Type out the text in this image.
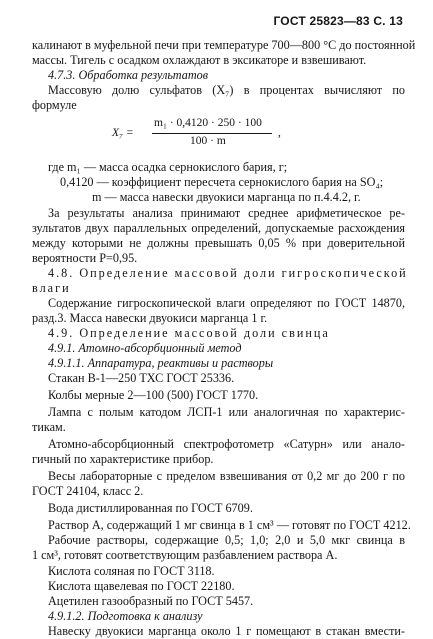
ГОСТ 25823—83 С. 13
калинают в муфельной печи при температуре 700—800 °С до постоянной
массы. Тигель с осадком охлаждают в эксикаторе и взвешивают.
4.7.3. Обработка результатов
Массовую долю сульфатов (X₇) в процентах вычисляют по
формуле
X₇ =
m₁ · 0,4120 · 250 · 100
100 · m
,
где m₁ — масса осадка сернокислого бария, г;
0,4120 — коэффициент пересчета сернокислого бария на SO₄;
m — масса навески двуокиси марганца по п.4.4.2, г.
За результаты анализа принимают среднее арифметическое ре-
зультатов двух параллельных определений, допускаемые расхождения
между которыми не должны превышать 0,05 % при доверительной
вероятности P=0,95.
4.8. Определение массовой доли гигроскопической
влаги
Содержание гигроскопической влаги определяют по ГОСТ 14870,
разд.3. Масса навески двуокиси марганца 1 г.
4.9. Определение массовой доли свинца
4.9.1. Атомно-абсорбционный метод
4.9.1.1. Аппаратура, реактивы и растворы
Стакан В-1—250 ТХС ГОСТ 25336.
Колбы мерные 2—100 (500) ГОСТ 1770.
Лампа с полым катодом ЛСП-1 или аналогичная по характерис-
тикам.
Атомно-абсорбционный спектрофотометр «Сатурн» или анало-
гичный по характеристике прибор.
Весы лабораторные с пределом взвешивания от 0,2 мг до 200 г по
ГОСТ 24104, класс 2.
Вода дистиллированная по ГОСТ 6709.
Раствор А, содержащий 1 мг свинца в 1 см³ — готовят по ГОСТ 4212.
Рабочие растворы, содержащие 0,5; 1,0; 2,0 и 5,0 мкг свинца в
1 см³, готовят соответствующим разбавлением раствора А.
Кислота соляная по ГОСТ 3118.
Кислота щавелевая по ГОСТ 22180.
Ацетилен газообразный по ГОСТ 5457.
4.9.1.2. Подготовка к анализу
Навеску двуокиси марганца около 1 г помещают в стакан вмести-
